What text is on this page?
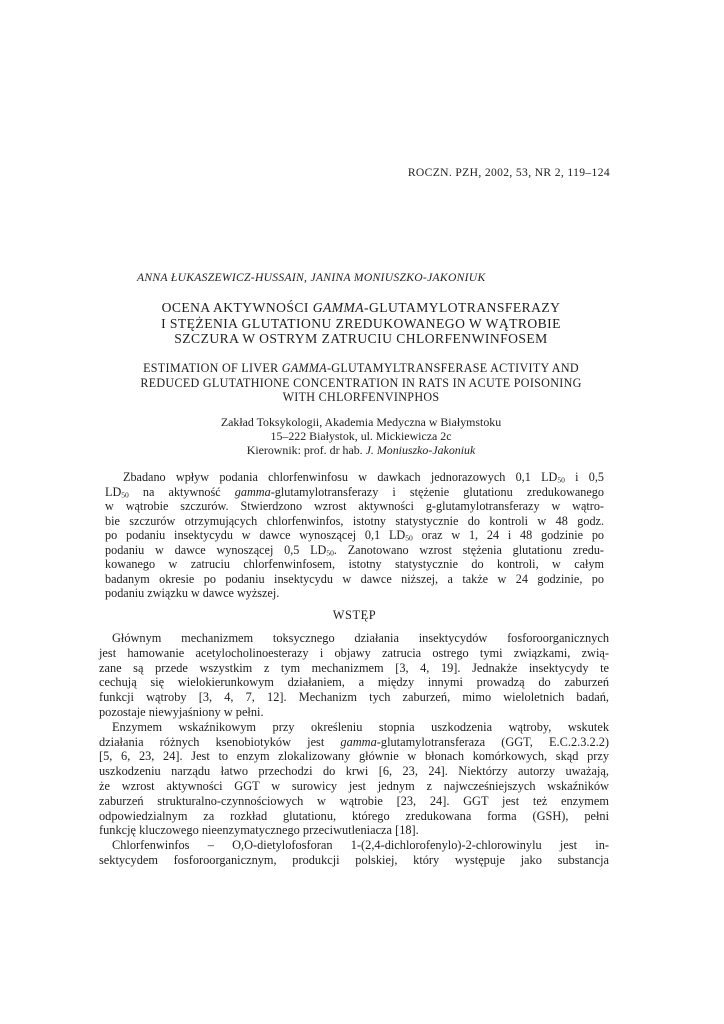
ROCZN. PZH, 2002, 53, NR 2, 119–124
ANNA ŁUKASZEWICZ-HUSSAIN, JANINA MONIUSZKO-JAKONIUK
OCENA AKTYWNOŚCI GAMMA-GLUTAMYLOTRANSFERAZY
I STĘŻENIA GLUTATIONU ZREDUKOWANEGO W WĄTROBIE
SZCZURA W OSTRYM ZATRUCIU CHLORFENWINFOSEM
ESTIMATION OF LIVER GAMMA-GLUTAMYLTRANSFERASE ACTIVITY AND
REDUCED GLUTATHIONE CONCENTRATION IN RATS IN ACUTE POISONING
WITH CHLORFENVINPHOS
Zakład Toksykologii, Akademia Medyczna w Białymstoku
15–222 Białystok, ul. Mickiewicza 2c
Kierownik: prof. dr hab. J. Moniuszko-Jakoniuk
Zbadano wpływ podania chlorfenwinfosu w dawkach jednorazowych 0,1 $LD_{50}$ i 0,5
$LD_{50}$ na aktywność gamma-glutamylotransferazy i stężenie glutationu zredukowanego
w wątrobie szczurów. Stwierdzono wzrost aktywności g-glutamylotransferazy w wątro-
bie szczurów otrzymujących chlorfenwinfos, istotny statystycznie do kontroli w 48 godz.
po podaniu insektycydu w dawce wynoszącej 0,1 $LD_{50}$ oraz w 1, 24 i 48 godzinie po
podaniu w dawce wynoszącej 0,5 $LD_{50}$. Zanotowano wzrost stężenia glutationu zredu-
kowanego w zatruciu chlorfenwinfosem, istotny statystycznie do kontroli, w całym
badanym okresie po podaniu insektycydu w dawce niższej, a także w 24 godzinie, po
podaniu związku w dawce wyższej.
WSTĘP
Głównym mechanizmem toksycznego działania insektycydów fosforoorganicznych
jest hamowanie acetylocholinoesterazy i objawy zatrucia ostrego tymi związkami, zwią-
zane są przede wszystkim z tym mechanizmem [3, 4, 19]. Jednakże insektycydy te
cechują się wielokierunkowym działaniem, a między innymi prowadzą do zaburzeń
funkcji wątroby [3, 4, 7, 12]. Mechanizm tych zaburzeń, mimo wieloletnich badań,
pozostaje niewyjaśniony w pełni.
Enzymem wskaźnikowym przy określeniu stopnia uszkodzenia wątroby, wskutek
działania różnych ksenobiotyków jest gamma-glutamylotransferaza (GGT, E.C.2.3.2.2)
[5, 6, 23, 24]. Jest to enzym zlokalizowany głównie w błonach komórkowych, skąd przy
uszkodzeniu narządu łatwo przechodzi do krwi [6, 23, 24]. Niektórzy autorzy uważają,
że wzrost aktywności GGT w surowicy jest jednym z najwcześniejszych wskaźników
zaburzeń strukturalno-czynnościowych w wątrobie [23, 24]. GGT jest też enzymem
odpowiedzialnym za rozkład glutationu, którego zredukowana forma (GSH), pełni
funkcję kluczowego nieenzymatycznego przeciwutleniacza [18].
Chlorfenwinfos – O,O-dietylofosforan 1-(2,4-dichlorofenylo)-2-chlorowinylu jest in-
sektycydem fosforoorganicznym, produkcji polskiej, który występuje jako substancja
